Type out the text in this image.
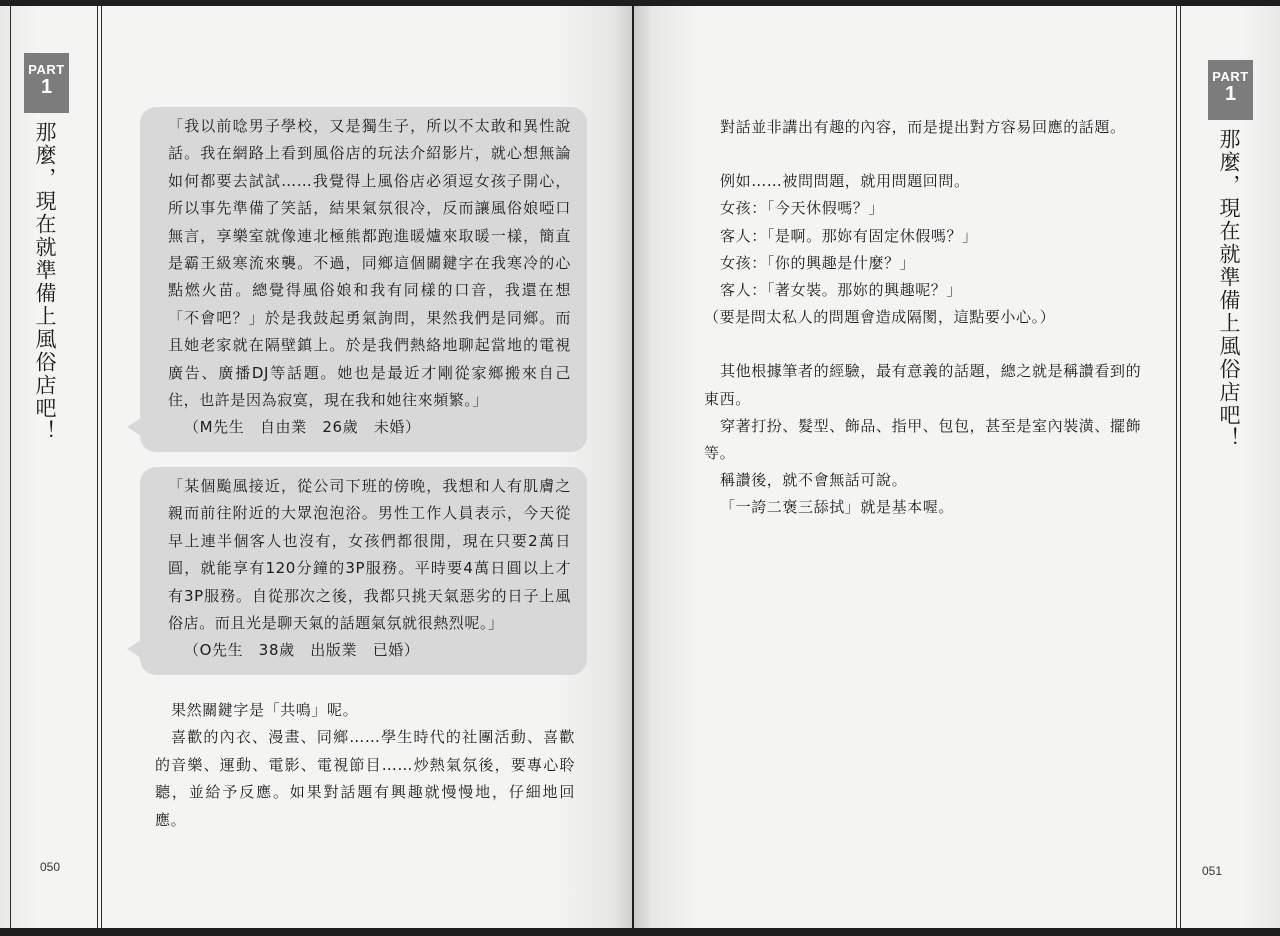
PART
1
那麼，現在就準備上風俗店吧！	「我以前唸男子學校，又是獨生子，所以不太敢和異性說話。我在網路上看到風俗店的玩法介紹影片，就心想無論如何都要去試試……我覺得上風俗店必須逗女孩子開心，所以事先準備了笑話，結果氣氛很冷，反而讓風俗娘啞口無言，享樂室就像連北極熊都跑進暖爐來取暖一樣，簡直是霸王級寒流來襲。不過，同鄉這個關鍵字在我寒冷的心點燃火苗。總覺得風俗娘和我有同樣的口音，我還在想「不會吧？」於是我鼓起勇氣詢問，果然我們是同鄉。而且她老家就在隔壁鎮上。於是我們熱絡地聊起當地的電視廣告、廣播DJ等話題。她也是最近才剛從家鄉搬來自己住，也許是因為寂寞，現在我和她往來頻繁。」
（M先生　自由業　26歲　未婚）
「某個颱風接近，從公司下班的傍晚，我想和人有肌膚之親而前往附近的大眾泡泡浴。男性工作人員表示，今天從早上連半個客人也沒有，女孩們都很閒，現在只要2萬日圓，就能享有120分鐘的3P服務。平時要4萬日圓以上才有3P服務。自從那次之後，我都只挑天氣惡劣的日子上風俗店。而且光是聊天氣的話題氣氛就很熱烈呢。」
（O先生　38歲　出版業　已婚）

果然關鍵字是「共鳴」呢。

喜歡的內衣、漫畫、同鄉……學生時代的社團活動、喜歡的音樂、運動、電影、電視節目……炒熱氣氛後，要專心聆聽，並給予反應。如果對話題有興趣就慢慢地，仔細地回應。

050
PART
1
那麼，現在就準備上風俗店吧！

對話並非講出有趣的內容，而是提出對方容易回應的話題。

例如……被問問題，就用問題回問。

女孩：「今天休假嗎？」

客人：「是啊。那妳有固定休假嗎？」

女孩：「你的興趣是什麼？」

客人：「著女裝。那妳的興趣呢？」

（要是問太私人的問題會造成隔閡，這點要小心。）

其他根據筆者的經驗，最有意義的話題，總之就是稱讚看到的東西。

穿著打扮、髮型、飾品、指甲、包包，甚至是室內裝潢、擺飾等。

稱讚後，就不會無話可說。

「一誇二褒三舔拭」就是基本喔。

051
